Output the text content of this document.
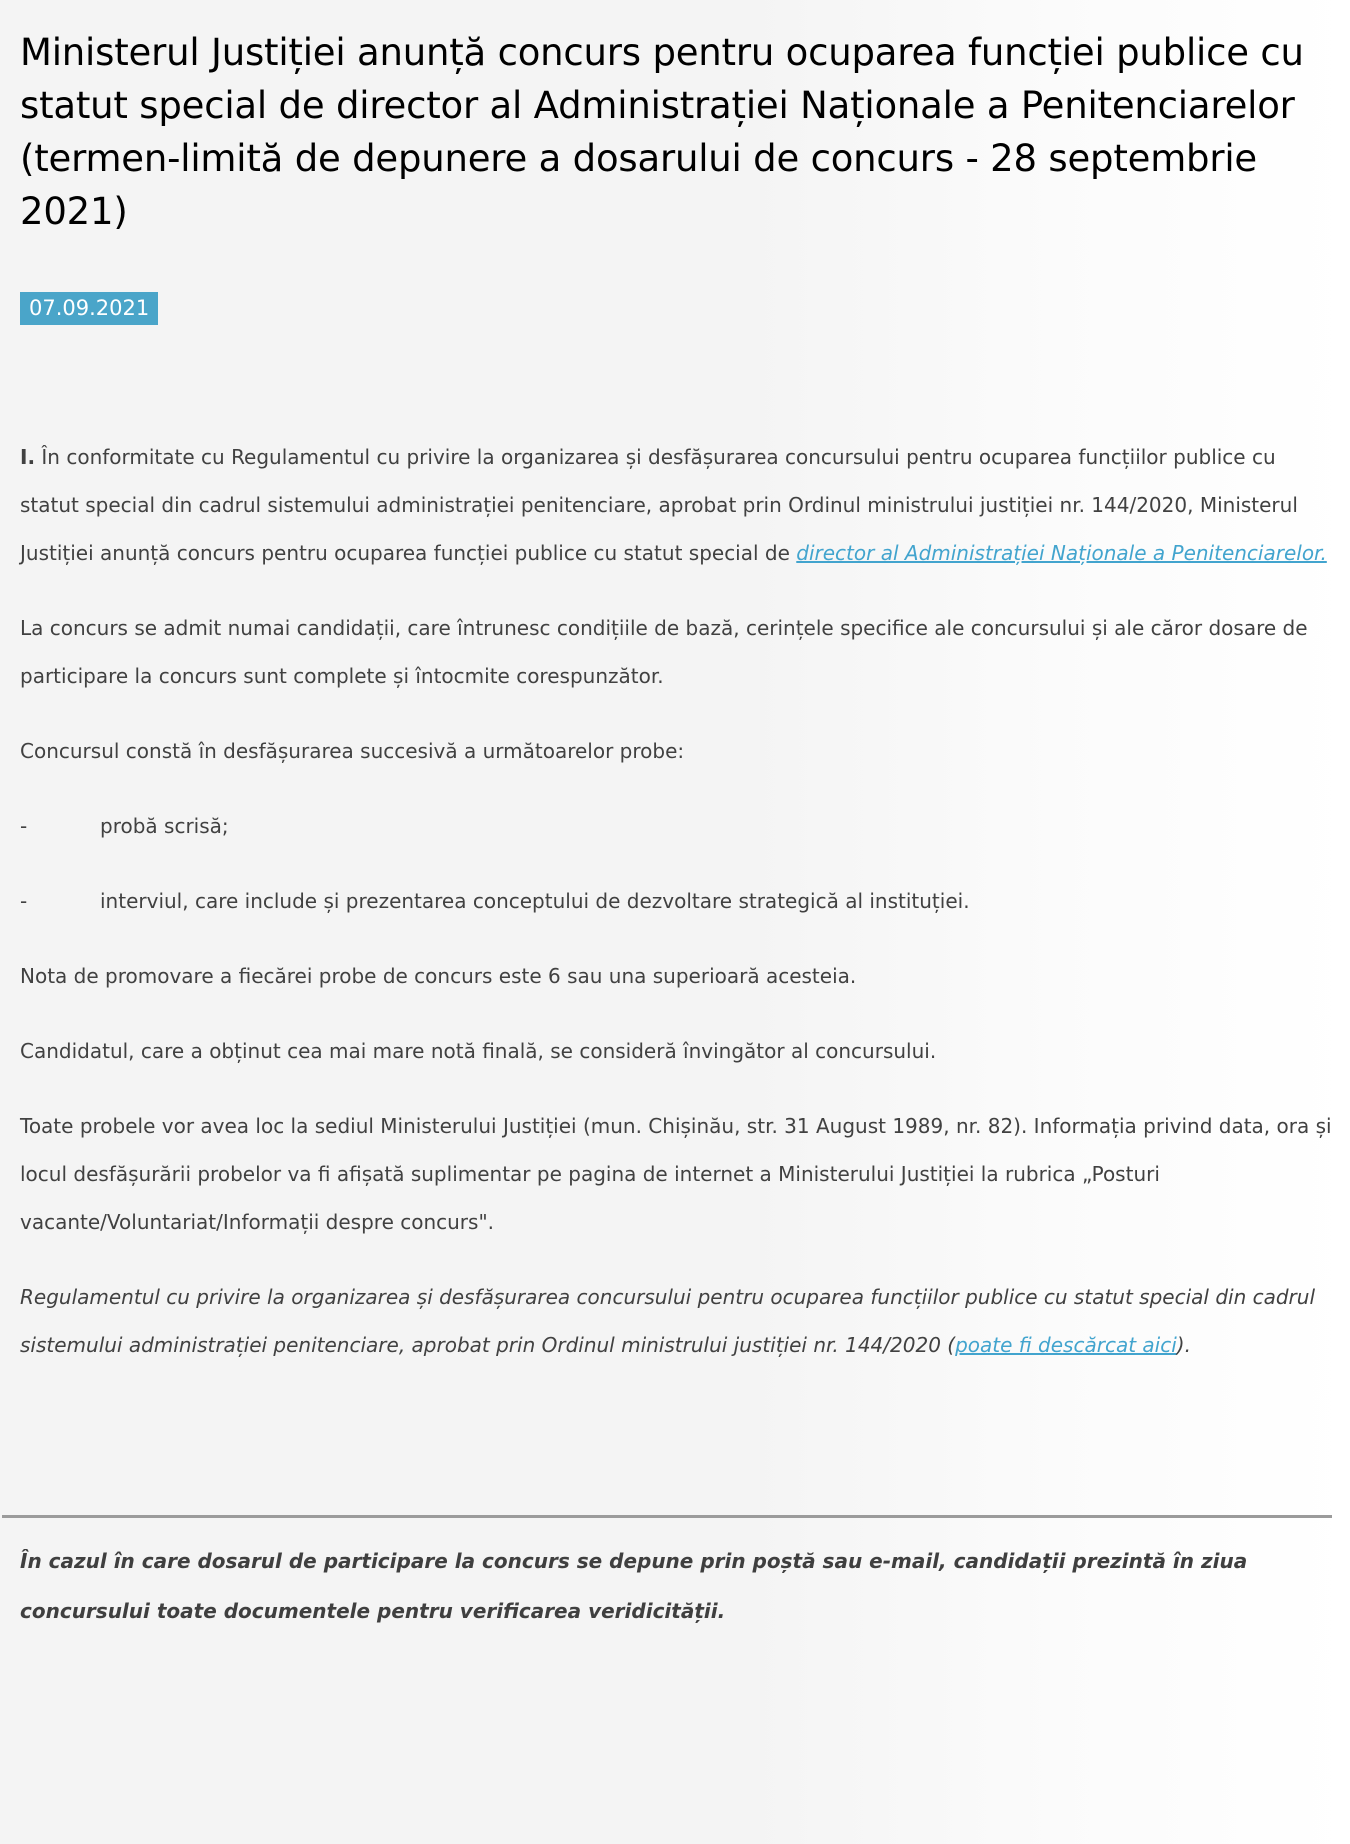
Ministerul Justiției anunță concurs pentru ocuparea funcției publice cu statut special de director al Administrației Naționale a Penitenciarelor (termen-limită de depunere a dosarului de concurs - 28 septembrie 2021)
07.09.2021

I. În conformitate cu Regulamentul cu privire la organizarea și desfășurarea concursului pentru ocuparea funcțiilor publice cu statut special din cadrul sistemului administrației penitenciare, aprobat prin Ordinul ministrului justiției nr. 144/2020, Ministerul Justiției anunță concurs pentru ocuparea funcției publice cu statut special de director al Administrației Naționale a Penitenciarelor.

La concurs se admit numai candidații, care întrunesc condițiile de bază, cerințele specifice ale concursului și ale căror dosare de participare la concurs sunt complete și întocmite corespunzător.

Concursul constă în desfășurarea succesivă a următoarelor probe:

-	probă scrisă;
-	interviul, care include și prezentarea conceptului de dezvoltare strategică al instituției.

Nota de promovare a fiecărei probe de concurs este 6 sau una superioară acesteia.

Candidatul, care a obținut cea mai mare notă finală, se consideră învingător al concursului.

Toate probele vor avea loc la sediul Ministerului Justiției (mun. Chișinău, str. 31 August 1989, nr. 82). Informația privind data, ora și locul desfășurării probelor va fi afișată suplimentar pe pagina de internet a Ministerului Justiției la rubrica „Posturi vacante/Voluntariat/Informații despre concurs".

Regulamentul cu privire la organizarea și desfășurarea concursului pentru ocuparea funcțiilor publice cu statut special din cadrul sistemului administrației penitenciare, aprobat prin Ordinul ministrului justiției nr. 144/2020 (poate fi descărcat aici).

În cazul în care dosarul de participare la concurs se depune prin poștă sau e-mail, candidații prezintă în ziua concursului toate documentele pentru verificarea veridicității.
